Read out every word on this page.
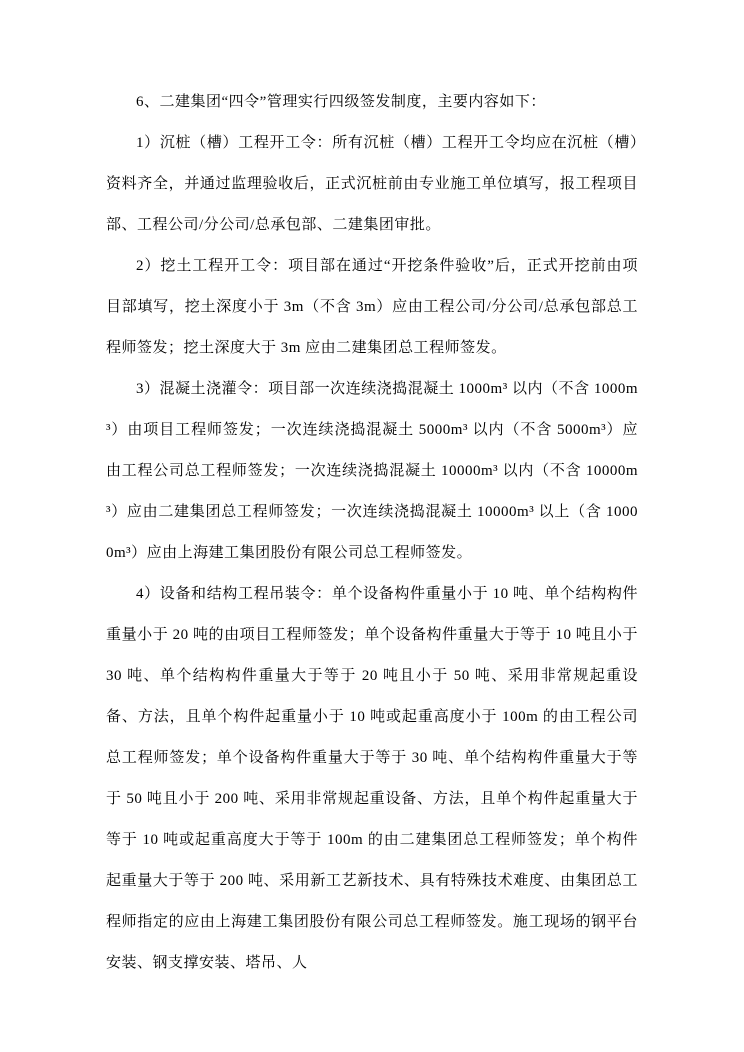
6、二建集团“四令”管理实行四级签发制度，主要内容如下：

1）沉桩（槽）工程开工令：所有沉桩（槽）工程开工令均应在沉桩（槽）资料齐全，并通过监理验收后，正式沉桩前由专业施工单位填写，报工程项目部、工程公司/分公司/总承包部、二建集团审批。

2）挖土工程开工令：项目部在通过“开挖条件验收”后，正式开挖前由项目部填写，挖土深度小于 3m（不含 3m）应由工程公司/分公司/总承包部总工程师签发；挖土深度大于 3m 应由二建集团总工程师签发。

3）混凝土浇灌令：项目部一次连续浇捣混凝土 1000m³ 以内（不含 1000m³）由项目工程师签发；一次连续浇捣混凝土 5000m³ 以内（不含 5000m³）应由工程公司总工程师签发；一次连续浇捣混凝土 10000m³ 以内（不含 10000m³）应由二建集团总工程师签发；一次连续浇捣混凝土 10000m³ 以上（含 10000m³）应由上海建工集团股份有限公司总工程师签发。

4）设备和结构工程吊装令：单个设备构件重量小于 10 吨、单个结构构件重量小于 20 吨的由项目工程师签发；单个设备构件重量大于等于 10 吨且小于 30 吨、单个结构构件重量大于等于 20 吨且小于 50 吨、采用非常规起重设备、方法，且单个构件起重量小于 10 吨或起重高度小于 100m 的由工程公司总工程师签发；单个设备构件重量大于等于 30 吨、单个结构构件重量大于等于 50 吨且小于 200 吨、采用非常规起重设备、方法，且单个构件起重量大于等于 10 吨或起重高度大于等于 100m 的由二建集团总工程师签发；单个构件起重量大于等于 200 吨、采用新工艺新技术、具有特殊技术难度、由集团总工程师指定的应由上海建工集团股份有限公司总工程师签发。施工现场的钢平台安装、钢支撑安装、塔吊、人
